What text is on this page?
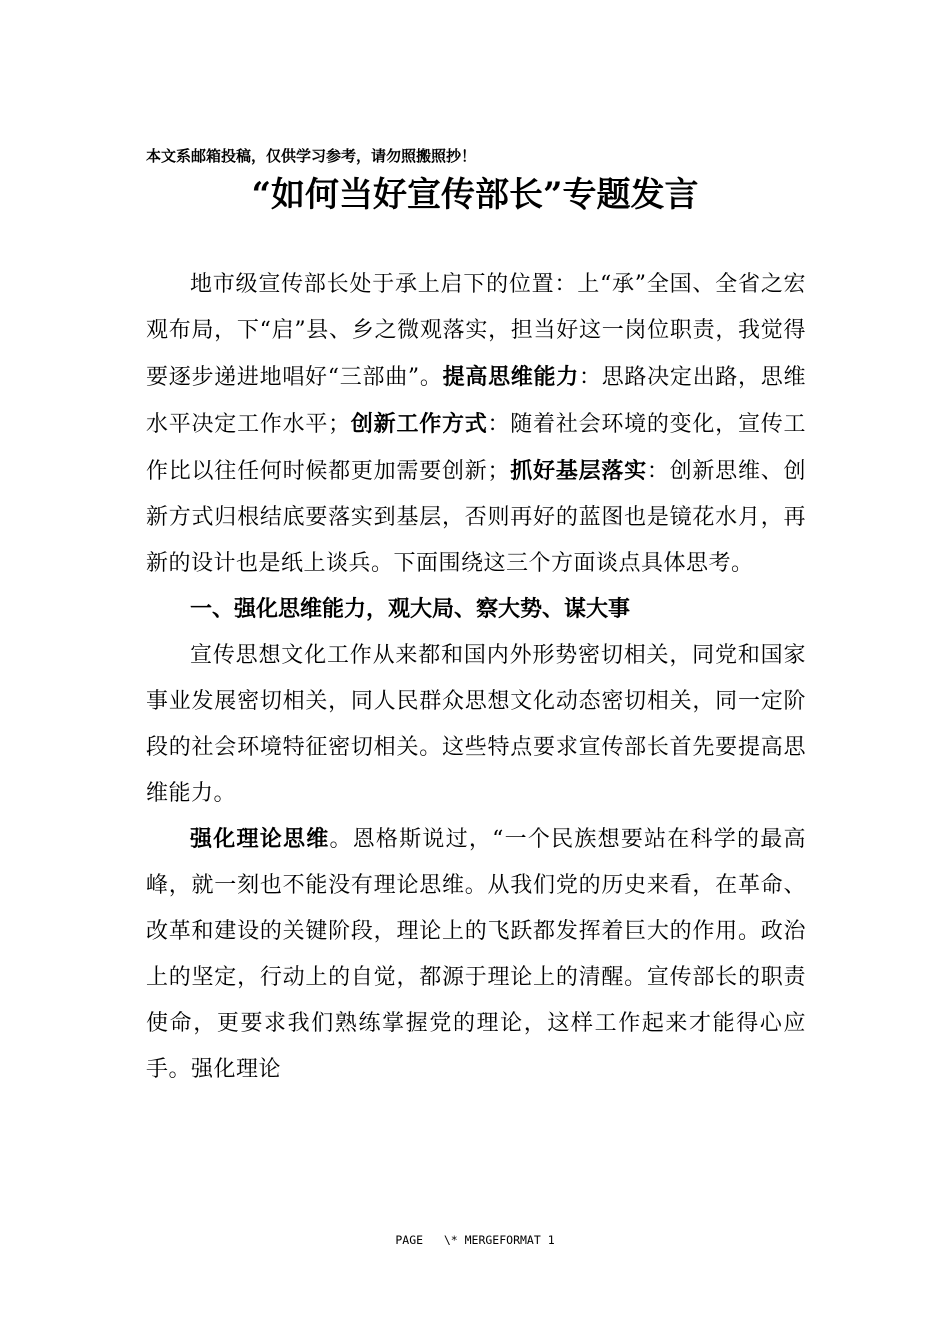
本文系邮箱投稿，仅供学习参考，请勿照搬照抄！
“如何当好宣传部长”专题发言

地市级宣传部长处于承上启下的位置：上“承”全国、全省之宏观布局，下“启”县、乡之微观落实，担当好这一岗位职责，我觉得要逐步递进地唱好“三部曲”。提高思维能力：思路决定出路，思维水平决定工作水平；创新工作方式：随着社会环境的变化，宣传工作比以往任何时候都更加需要创新；抓好基层落实：创新思维、创新方式归根结底要落实到基层，否则再好的蓝图也是镜花水月，再新的设计也是纸上谈兵。下面围绕这三个方面谈点具体思考。

一、强化思维能力，观大局、察大势、谋大事

宣传思想文化工作从来都和国内外形势密切相关，同党和国家事业发展密切相关，同人民群众思想文化动态密切相关，同一定阶段的社会环境特征密切相关。这些特点要求宣传部长首先要提高思维能力。

强化理论思维。恩格斯说过，“一个民族想要站在科学的最高峰，就一刻也不能没有理论思维。从我们党的历史来看，在革命、改革和建设的关键阶段，理论上的飞跃都发挥着巨大的作用。政治上的坚定，行动上的自觉，都源于理论上的清醒。宣传部长的职责使命，更要求我们熟练掌握党的理论，这样工作起来才能得心应手。强化理论

PAGE   \* MERGEFORMAT 1
